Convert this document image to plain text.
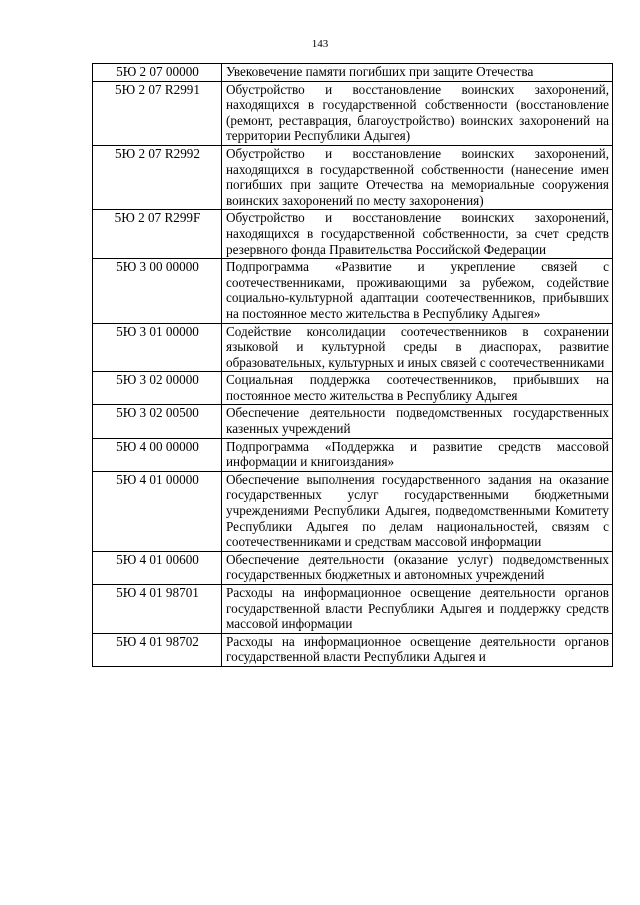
143
5Ю 2 07 00000	Увековечение памяти погибших при защите Отечества
5Ю 2 07 R2991	Обустройство и восстановление воинских захоронений, находящихся в государственной собственности (восстановление (ремонт, реставрация, благоустройство) воинских захоронений на территории Республики Адыгея)
5Ю 2 07 R2992	Обустройство и восстановление воинских захоронений, находящихся в государственной собственности (нанесение имен погибших при защите Отечества на мемориальные сооружения воинских захоронений по месту захоронения)
5Ю 2 07 R299F	Обустройство и восстановление воинских захоронений, находящихся в государственной собственности, за счет средств резервного фонда Правительства Российской Федерации
5Ю 3 00 00000	Подпрограмма «Развитие и укрепление связей с соотечественниками, проживающими за рубежом, содействие социально-культурной адаптации соотечественников, прибывших на постоянное место жительства в Республику Адыгея»
5Ю 3 01 00000	Содействие консолидации соотечественников в сохранении языковой и культурной среды в диаспорах, развитие образовательных, культурных и иных связей с соотечественниками
5Ю 3 02 00000	Социальная поддержка соотечественников, прибывших на постоянное место жительства в Республику Адыгея
5Ю 3 02 00500	Обеспечение деятельности подведомственных государственных казенных учреждений
5Ю 4 00 00000	Подпрограмма «Поддержка и развитие средств массовой информации и книгоиздания»
5Ю 4 01 00000	Обеспечение выполнения государственного задания на оказание государственных услуг государственными бюджетными учреждениями Республики Адыгея, подведомственными Комитету Республики Адыгея по делам национальностей, связям с соотечественниками и средствам массовой информации
5Ю 4 01 00600	Обеспечение деятельности (оказание услуг) подведомственных государственных бюджетных и автономных учреждений
5Ю 4 01 98701	Расходы на информационное освещение деятельности органов государственной власти Республики Адыгея и поддержку средств массовой информации
5Ю 4 01 98702	Расходы на информационное освещение деятельности органов государственной власти Республики Адыгея и
